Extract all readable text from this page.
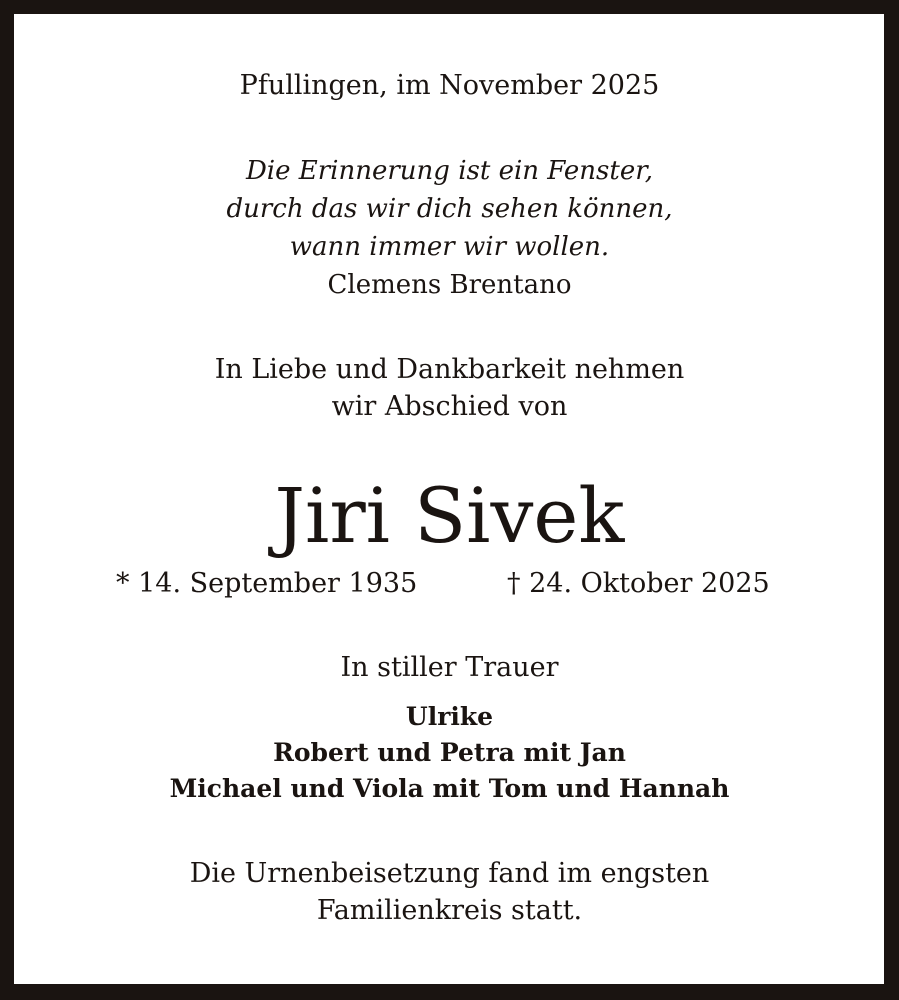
Pfullingen, im November 2025
Die Erinnerung ist ein Fenster,
durch das wir dich sehen können,
wann immer wir wollen.
Clemens Brentano
In Liebe und Dankbarkeit nehmen
wir Abschied von
Jiri Sivek
* 14. September 1935	† 24. Oktober 2025
In stiller Trauer
Ulrike
Robert und Petra mit Jan
Michael und Viola mit Tom und Hannah
Die Urnenbeisetzung fand im engsten
Familienkreis statt.
